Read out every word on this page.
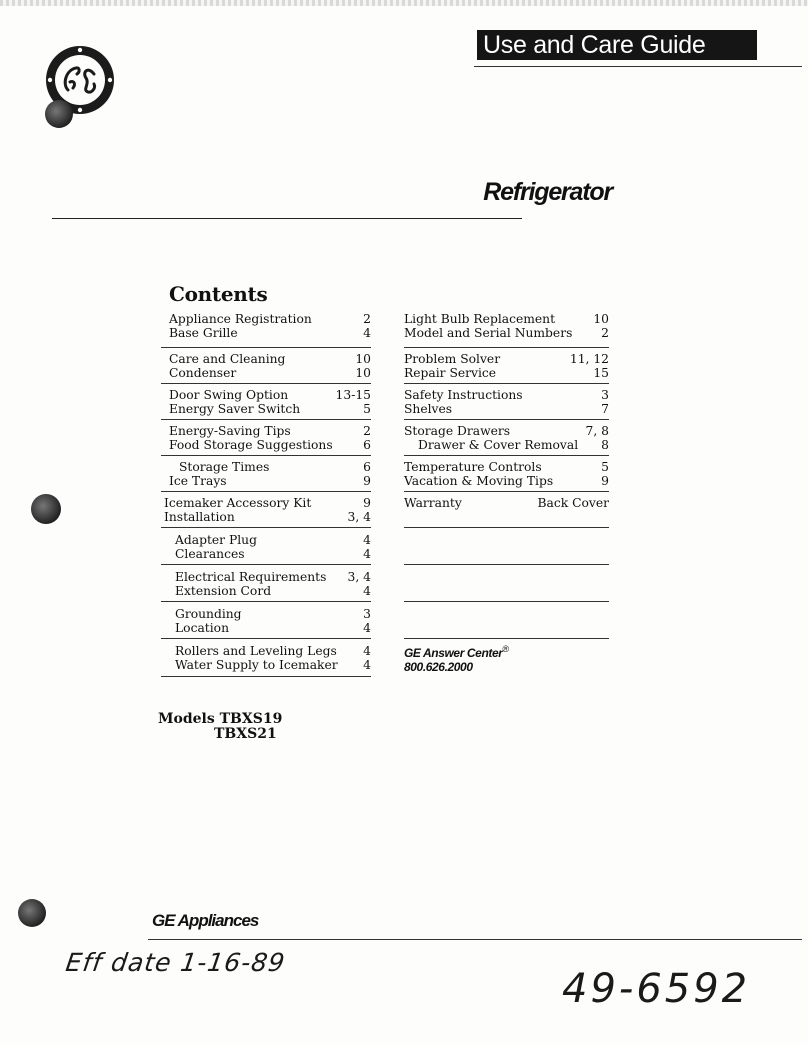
Use and Care Guide
Refrigerator
Contents
Appliance Registration	2
Base Grille	4
Care and Cleaning	10
Condenser	10
Door Swing Option	13-15
Energy Saver Switch	5
Energy-Saving Tips	2
Food Storage Suggestions 6
Storage Times	6
Ice Trays	9
Icemaker Accessory Kit	9
Installation	3, 4
Adapter Plug	4
Clearances	4
Electrical Requirements 3, 4
Extension Cord	4
Grounding	3
Location	4
Rollers and Leveling Legs 4
Water Supply to Icemaker 4
Light Bulb Replacement	10
Model and Serial Numbers 2
Problem Solver	11, 12
Repair Service	15
Safety Instructions	3
Shelves	7
Storage Drawers	7, 8
Drawer & Cover Removal 8
Temperature Controls	5
Vacation & Moving Tips	9
Warranty	Back Cover
GE Answer Center®
800.626.2000
Models TBXS19
TBXS21
GE Appliances
Eff date 1-16-89
49-6592
